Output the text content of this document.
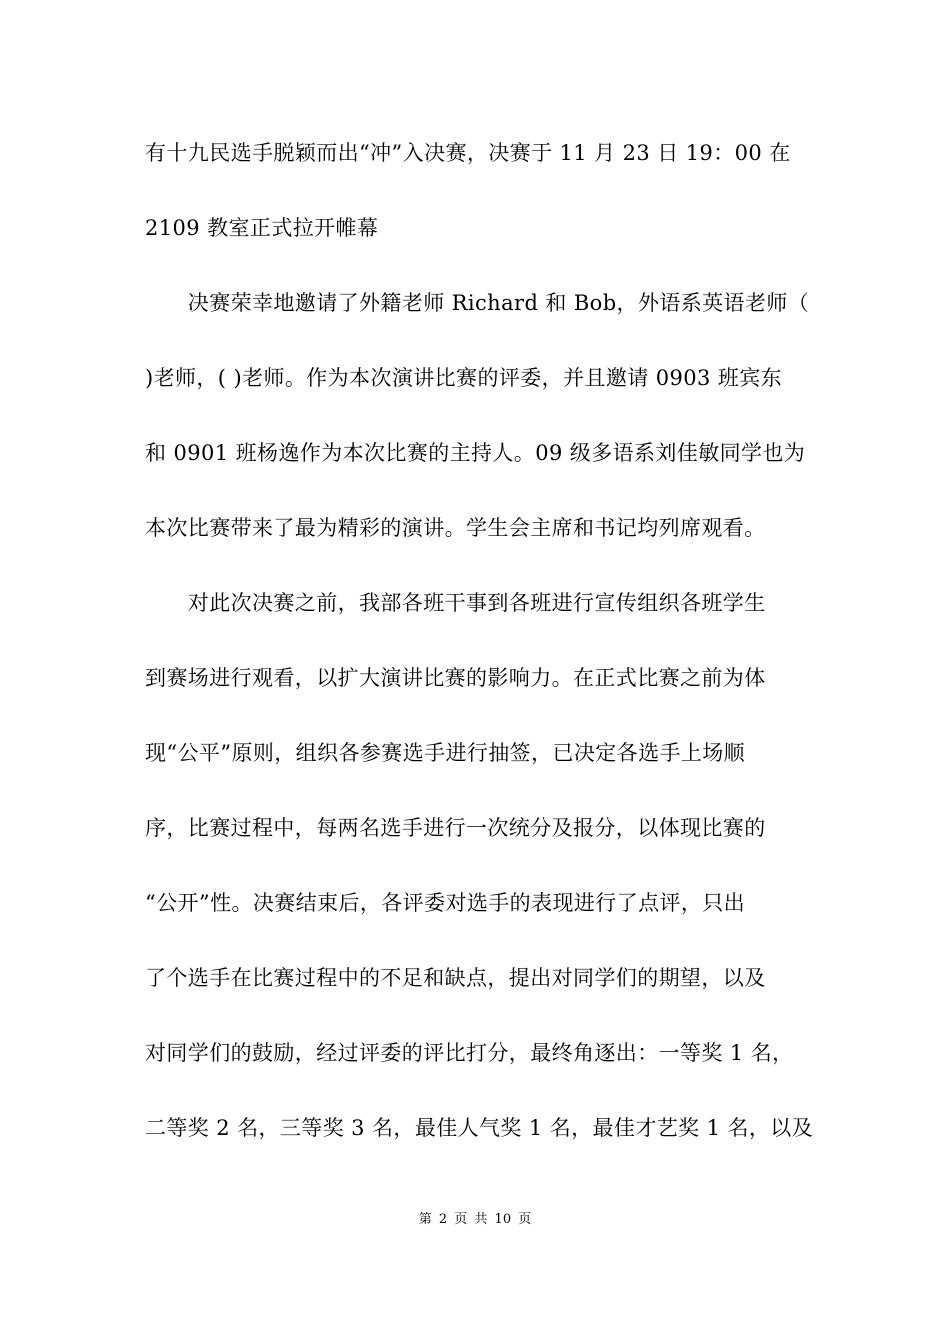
有十九民选手脱颖而出“冲”入决赛，决赛于 11 月 23 日 19：00 在
2109 教室正式拉开帷幕
　　决赛荣幸地邀请了外籍老师 Richard 和 Bob，外语系英语老师（
)老师，( )老师。作为本次演讲比赛的评委，并且邀请 0903 班宾东
和 0901 班杨逸作为本次比赛的主持人。09 级多语系刘佳敏同学也为
本次比赛带来了最为精彩的演讲。学生会主席和书记均列席观看。
　　对此次决赛之前，我部各班干事到各班进行宣传组织各班学生
到赛场进行观看，以扩大演讲比赛的影响力。在正式比赛之前为体
现“公平”原则，组织各参赛选手进行抽签，已决定各选手上场顺
序，比赛过程中，每两名选手进行一次统分及报分，以体现比赛的
“公开”性。决赛结束后，各评委对选手的表现进行了点评，只出
了个选手在比赛过程中的不足和缺点，提出对同学们的期望，以及
对同学们的鼓励，经过评委的评比打分，最终角逐出：一等奖 1 名，
二等奖 2 名，三等奖 3 名，最佳人气奖 1 名，最佳才艺奖 1 名，以及
第 2 页 共 10 页
